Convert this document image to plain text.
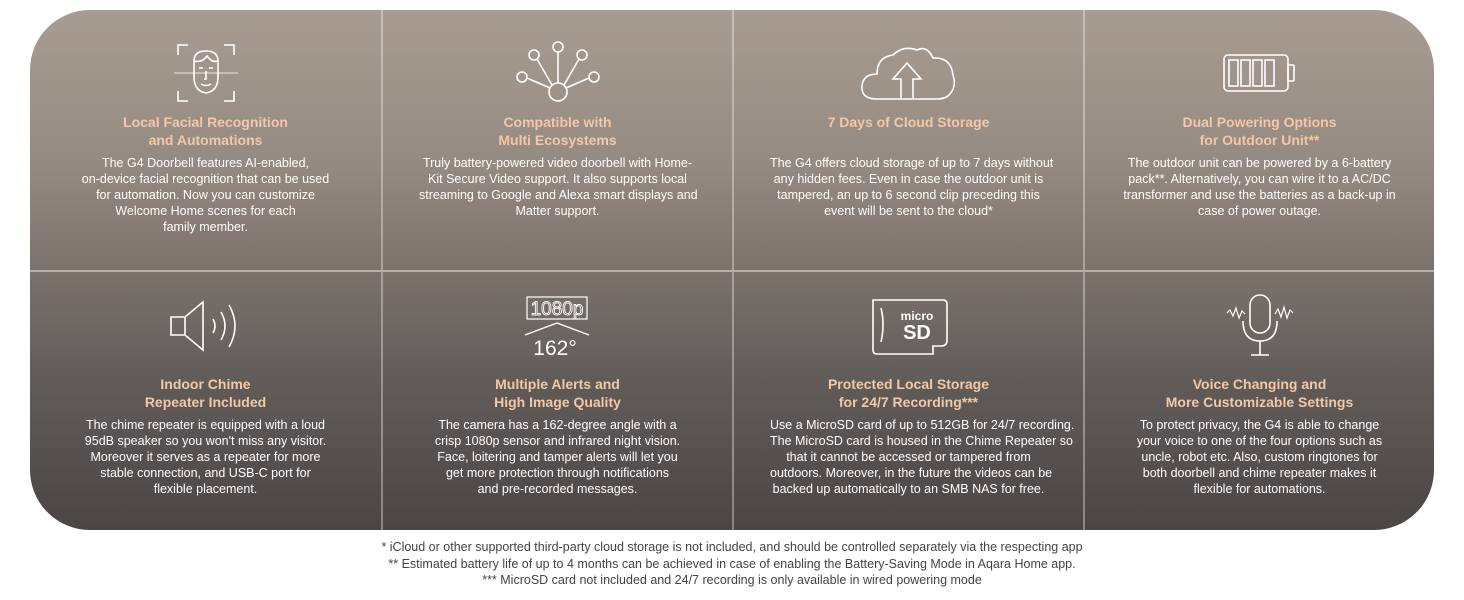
Local Facial Recognition
and Automations
The G4 Doorbell features AI-enabled,
on-device facial recognition that can be used
for automation. Now you can customize
Welcome Home scenes for each
family member.
Compatible with
Multi Ecosystems
Truly battery-powered video doorbell with Home-
Kit Secure Video support. It also supports local
streaming to Google and Alexa smart displays and
Matter support.
7 Days of Cloud Storage
The G4 offers cloud storage of up to 7 days without
any hidden fees. Even in case the outdoor unit is
tampered, an up to 6 second clip preceding this
event will be sent to the cloud*
Dual Powering Options
for Outdoor Unit**
The outdoor unit can be powered by a 6-battery
pack**. Alternatively, you can wire it to a AC/DC
transformer and use the batteries as a back-up in
case of power outage.
Indoor Chime
Repeater Included
The chime repeater is equipped with a loud
95dB speaker so you won't miss any visitor.
Moreover it serves as a repeater for more
stable connection, and USB-C port for
flexible placement.
1080p
162°
Multiple Alerts and
High Image Quality
The camera has a 162-degree angle with a
crisp 1080p sensor and infrared night vision.
Face, loitering and tamper alerts will let you
get more protection through notifications
and pre-recorded messages.
micro
SD
Protected Local Storage
for 24/7 Recording***
Use a MicroSD card of up to 512GB for 24/7 recording.
The MicroSD card is housed in the Chime Repeater so
that it cannot be accessed or tampered from
outdoors. Moreover, in the future the videos can be
backed up automatically to an SMB NAS for free.
Voice Changing and
More Customizable Settings
To protect privacy, the G4 is able to change
your voice to one of the four options such as
uncle, robot etc. Also, custom ringtones for
both doorbell and chime repeater makes it
flexible for automations.
* iCloud or other supported third-party cloud storage is not included, and should be controlled separately via the respecting app
** Estimated battery life of up to 4 months can be achieved in case of enabling the Battery-Saving Mode in Aqara Home app.
*** MicroSD card not included and 24/7 recording is only available in wired powering mode
